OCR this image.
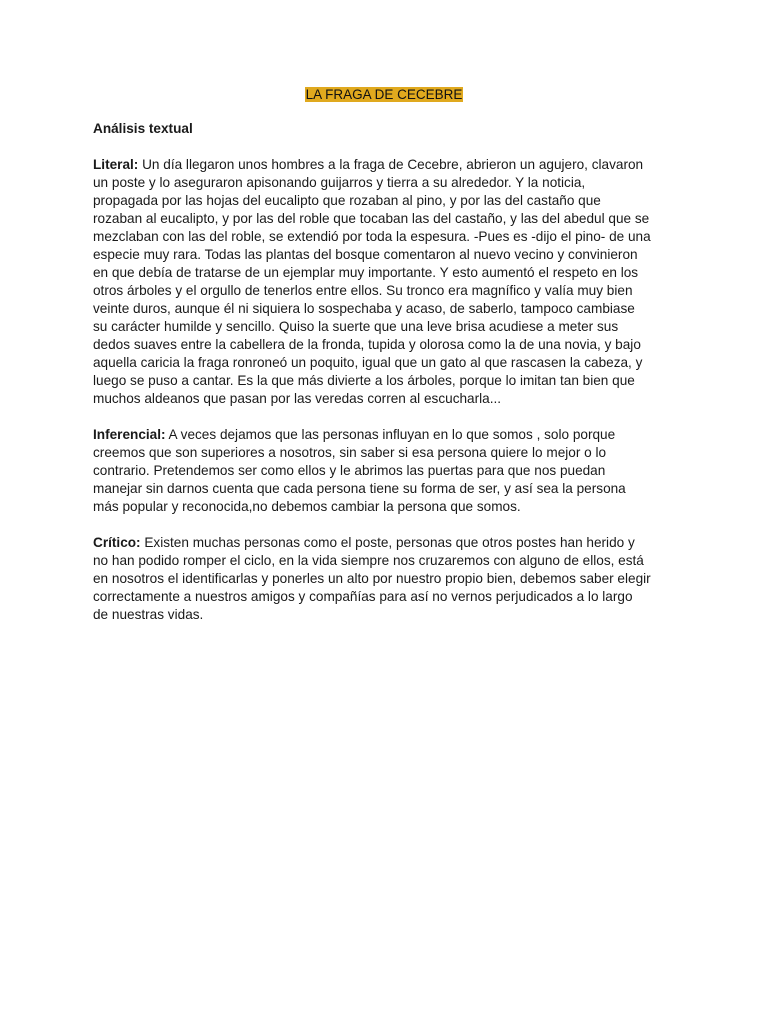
LA FRAGA DE CECEBRE
Análisis textual
Literal: Un día llegaron unos hombres a la fraga de Cecebre, abrieron un agujero, clavaron
un poste y lo aseguraron apisonando guijarros y tierra a su alrededor. Y la noticia,
propagada por las hojas del eucalipto que rozaban al pino, y por las del castaño que
rozaban al eucalipto, y por las del roble que tocaban las del castaño, y las del abedul que se
mezclaban con las del roble, se extendió por toda la espesura. -Pues es -dijo el pino- de una
especie muy rara. Todas las plantas del bosque comentaron al nuevo vecino y convinieron
en que debía de tratarse de un ejemplar muy importante. Y esto aumentó el respeto en los
otros árboles y el orgullo de tenerlos entre ellos. Su tronco era magnífico y valía muy bien
veinte duros, aunque él ni siquiera lo sospechaba y acaso, de saberlo, tampoco cambiase
su carácter humilde y sencillo. Quiso la suerte que una leve brisa acudiese a meter sus
dedos suaves entre la cabellera de la fronda, tupida y olorosa como la de una novia, y bajo
aquella caricia la fraga ronroneó un poquito, igual que un gato al que rascasen la cabeza, y
luego se puso a cantar. Es la que más divierte a los árboles, porque lo imitan tan bien que
muchos aldeanos que pasan por las veredas corren al escucharla...
Inferencial: A veces dejamos que las personas influyan en lo que somos , solo porque
creemos que son superiores a nosotros, sin saber si esa persona quiere lo mejor o lo
contrario. Pretendemos ser como ellos y le abrimos las puertas para que nos puedan
manejar sin darnos cuenta que cada persona tiene su forma de ser, y así sea la persona
más popular y reconocida,no debemos cambiar la persona que somos.
Crítico: Existen muchas personas como el poste, personas que otros postes han herido y
no han podido romper el ciclo, en la vida siempre nos cruzaremos con alguno de ellos, está
en nosotros el identificarlas y ponerles un alto por nuestro propio bien, debemos saber elegir
correctamente a nuestros amigos y compañías para así no vernos perjudicados a lo largo
de nuestras vidas.
